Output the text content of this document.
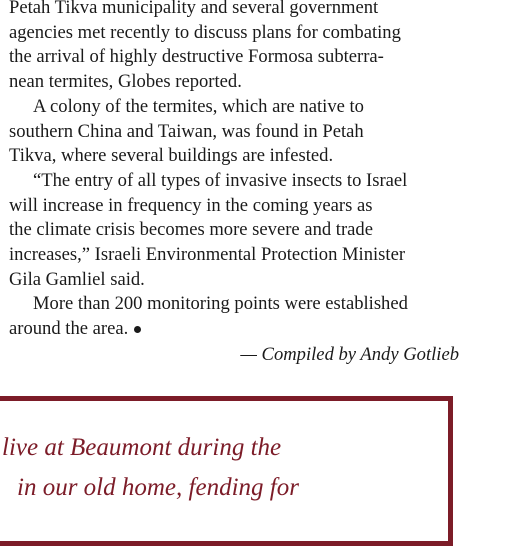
Petah Tikva municipality and several government
agencies met recently to discuss plans for combating
the arrival of highly destructive Formosa subterra-
nean termites, Globes reported.

A colony of the termites, which are native to
southern China and Taiwan, was found in Petah
Tikva, where several buildings are infested.

“The entry of all types of invasive insects to Israel
will increase in frequency in the coming years as
the climate crisis becomes more severe and trade
increases,” Israeli Environmental Protection Minister
Gila Gamliel said.

More than 200 monitoring points were established
around the area.

— Compiled by Andy Gotlieb
live at Beaumont during the
in our old home, fending for
